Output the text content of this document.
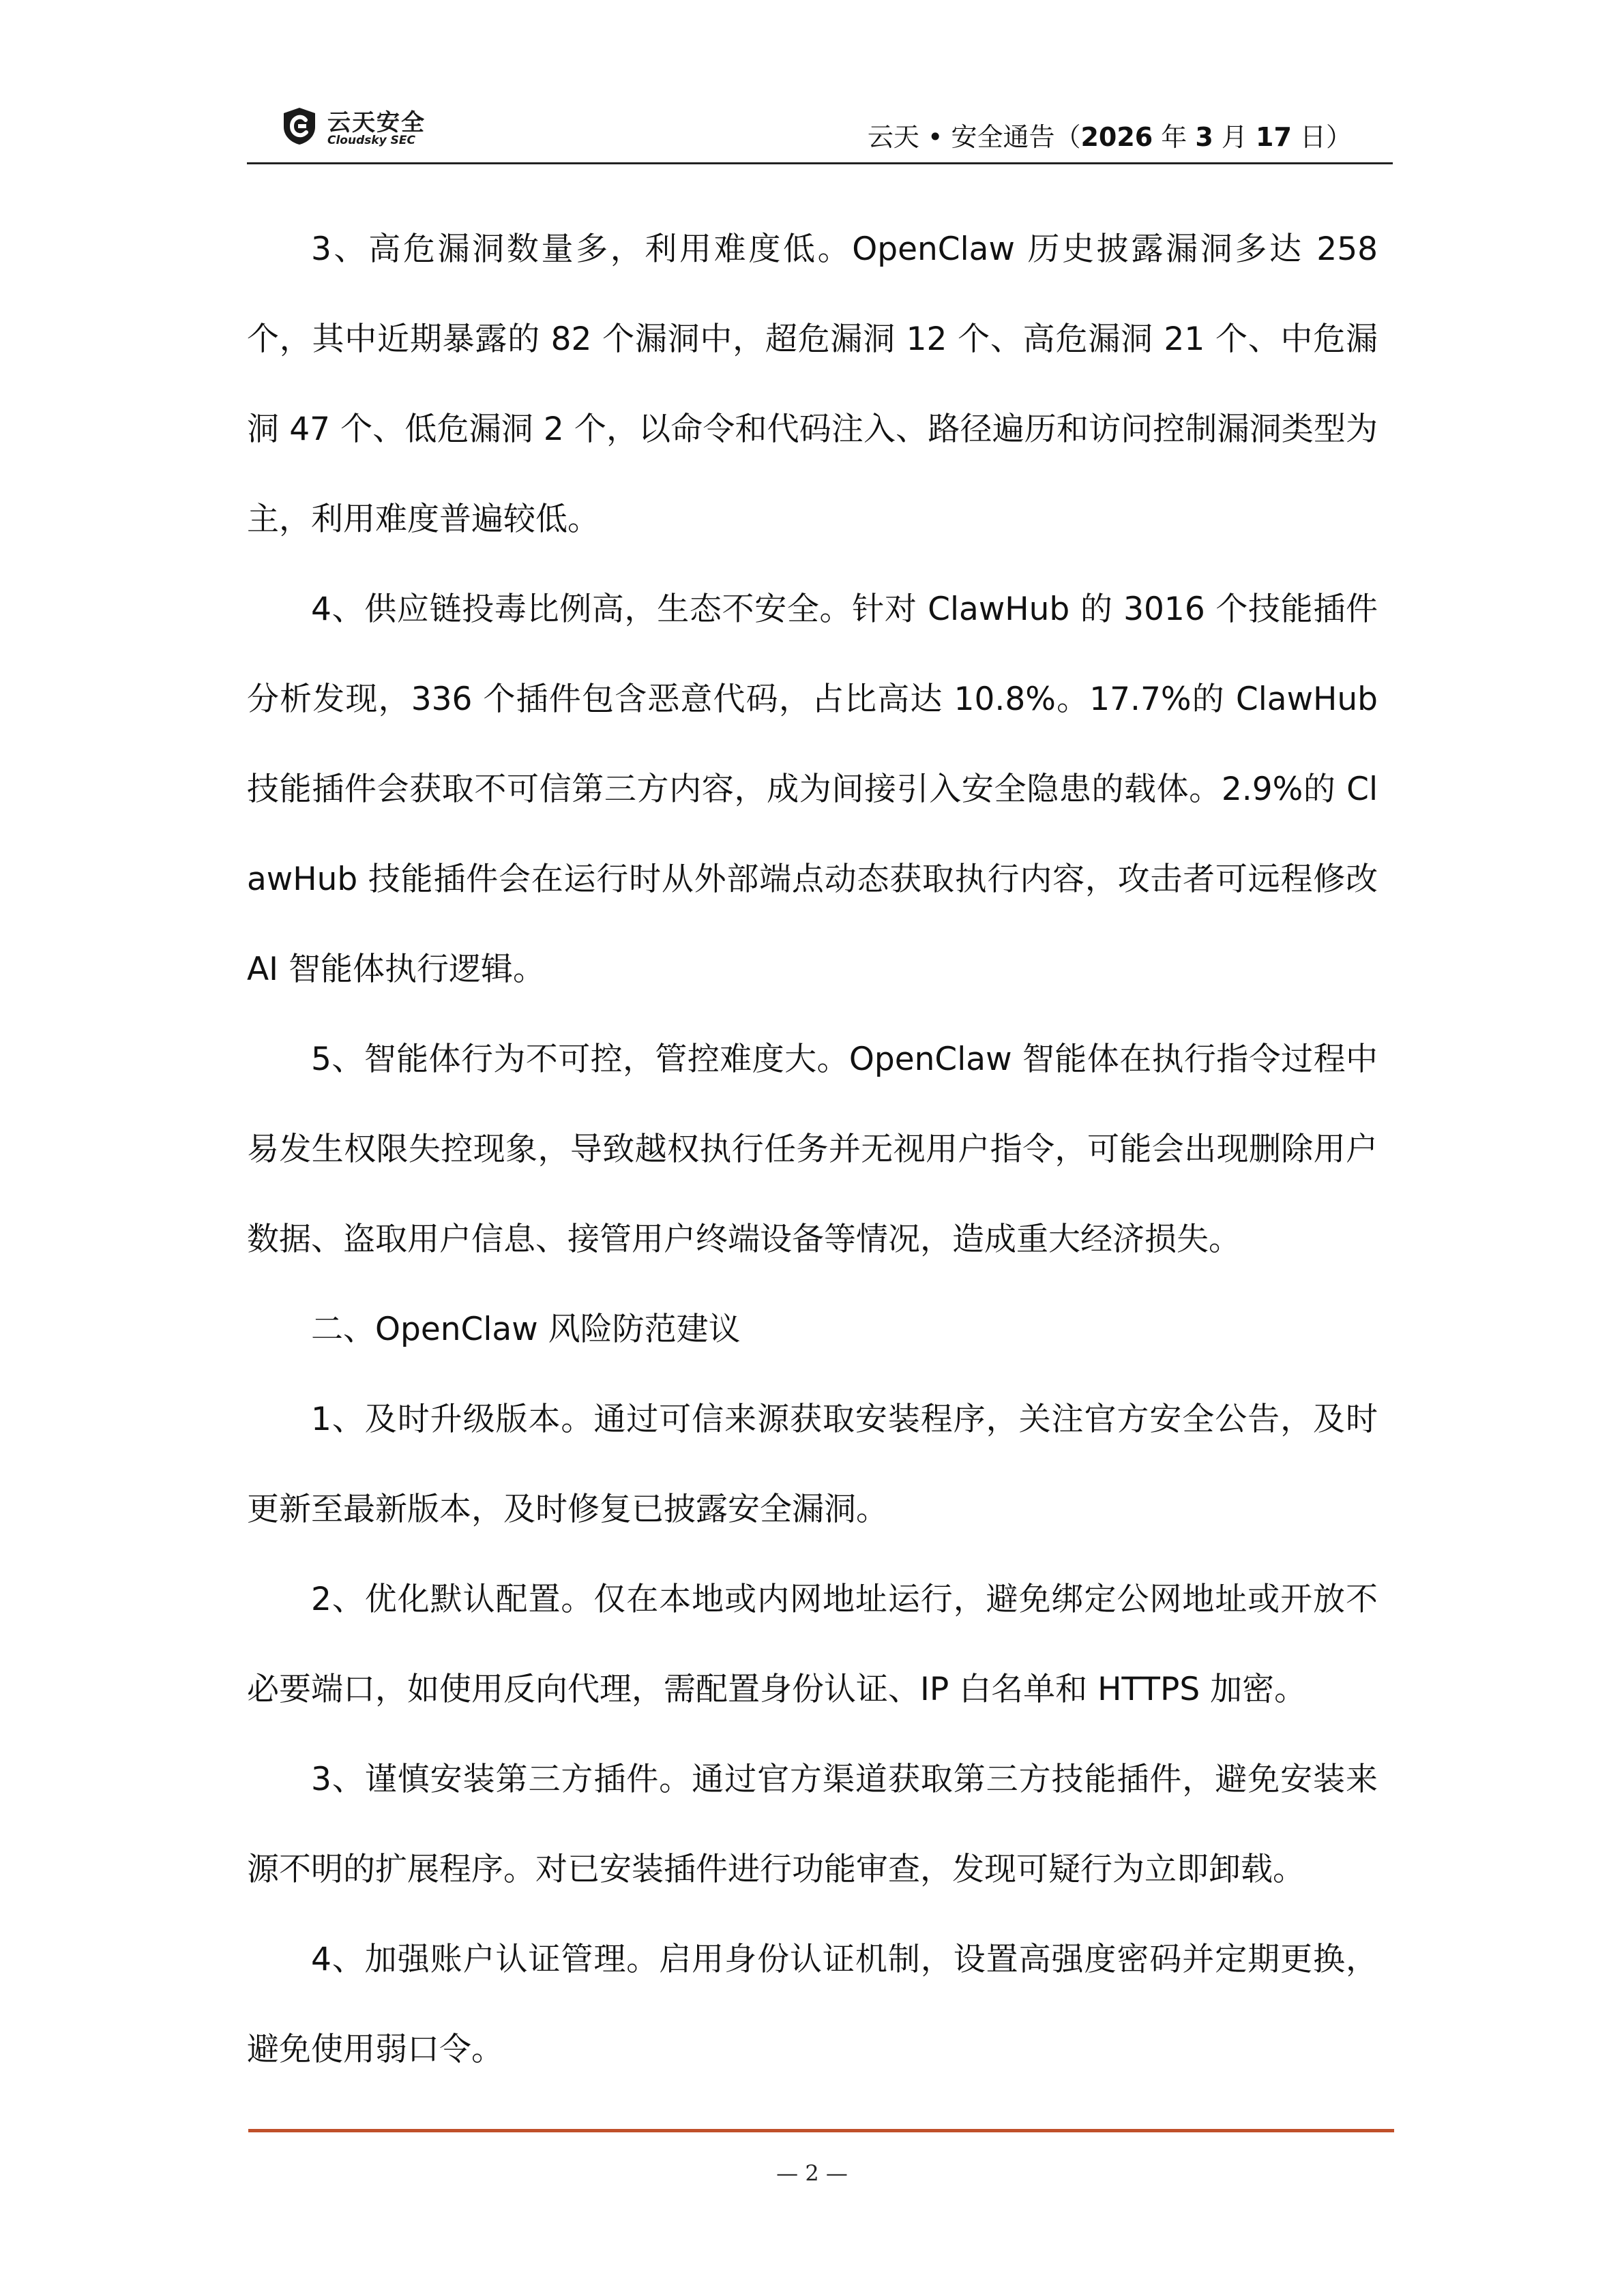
云天安全
Cloudsky SEC	云天 • 安全通告（2026 年 3 月 17 日）

3、高危漏洞数量多，利用难度低。OpenClaw 历史披露漏洞多达 258 个，其中近期暴露的 82 个漏洞中，超危漏洞 12 个、高危漏洞 21 个、中危漏洞 47 个、低危漏洞 2 个，以命令和代码注入、路径遍历和访问控制漏洞类型为主，利用难度普遍较低。

4、供应链投毒比例高，生态不安全。针对 ClawHub 的 3016 个技能插件分析发现，336 个插件包含恶意代码，占比高达 10.8%。17.7%的 ClawHub 技能插件会获取不可信第三方内容，成为间接引入安全隐患的载体。2.9%的 ClawHub 技能插件会在运行时从外部端点动态获取执行内容，攻击者可远程修改 AI 智能体执行逻辑。

5、智能体行为不可控，管控难度大。OpenClaw 智能体在执行指令过程中易发生权限失控现象，导致越权执行任务并无视用户指令，可能会出现删除用户数据、盗取用户信息、接管用户终端设备等情况，造成重大经济损失。

二、OpenClaw 风险防范建议

1、及时升级版本。通过可信来源获取安装程序，关注官方安全公告，及时更新至最新版本，及时修复已披露安全漏洞。

2、优化默认配置。仅在本地或内网地址运行，避免绑定公网地址或开放不必要端口，如使用反向代理，需配置身份认证、IP 白名单和 HTTPS 加密。

3、谨慎安装第三方插件。通过官方渠道获取第三方技能插件，避免安装来源不明的扩展程序。对已安装插件进行功能审查，发现可疑行为立即卸载。

4、加强账户认证管理。启用身份认证机制，设置高强度密码并定期更换，避免使用弱口令。

— 2 —
